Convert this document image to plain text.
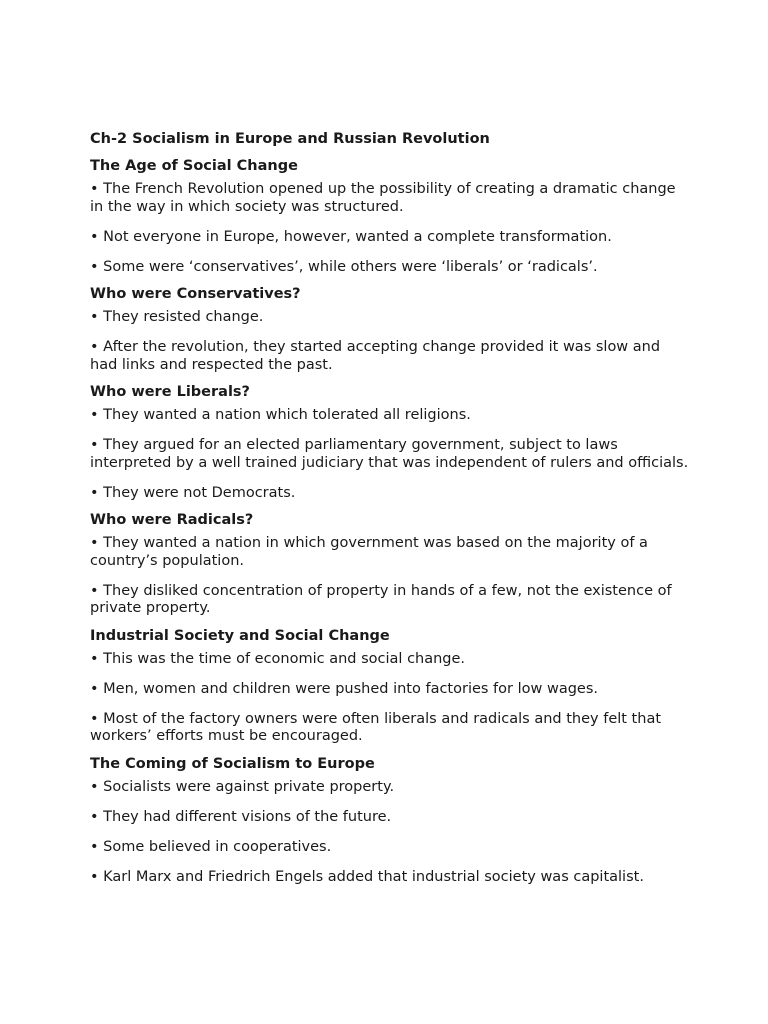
Ch-2 Socialism in Europe and Russian Revolution
The Age of Social Change
• The French Revolution opened up the possibility of creating a dramatic change in the way in which society was structured.
• Not everyone in Europe, however, wanted a complete transformation.
• Some were ‘conservatives’, while others were ‘liberals’ or ‘radicals’.
Who were Conservatives?
• They resisted change.
• After the revolution, they started accepting change provided it was slow and had links and respected the past.
Who were Liberals?
• They wanted a nation which tolerated all religions.
• They argued for an elected parliamentary government, subject to laws interpreted by a well trained judiciary that was independent of rulers and officials.
• They were not Democrats.
Who were Radicals?
• They wanted a nation in which government was based on the majority of a country’s population.
• They disliked concentration of property in hands of a few, not the existence of private property.
Industrial Society and Social Change
• This was the time of economic and social change.
• Men, women and children were pushed into factories for low wages.
• Most of the factory owners were often liberals and radicals and they felt that workers’ efforts must be encouraged.
The Coming of Socialism to Europe
• Socialists were against private property.
• They had different visions of the future.
• Some believed in cooperatives.
• Karl Marx and Friedrich Engels added that industrial society was capitalist.
